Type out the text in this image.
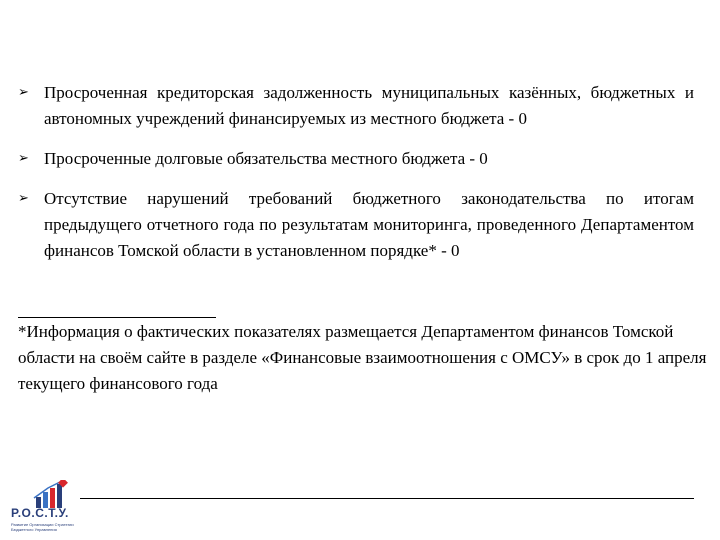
➢ Просроченная кредиторская задолженность муниципальных казённых, бюджетных и автономных учреждений финансируемых из местного бюджета - 0
➢ Просроченные долговые обязательства местного бюджета - 0
➢ Отсутствие нарушений требований бюджетного законодательства по итогам предыдущего отчетного года по результатам мониторинга, проведенного Департаментом финансов Томской области в установленном порядке* - 0
*Информация о фактических показателях размещается Департаментом финансов Томской области на своём сайте в разделе «Финансовые взаимоотношения с ОМСУ» в срок до 1 апреля текущего финансового года
Р.О.С.Т.У.
Развитие Организации Стратегии Бюджетного Управления
